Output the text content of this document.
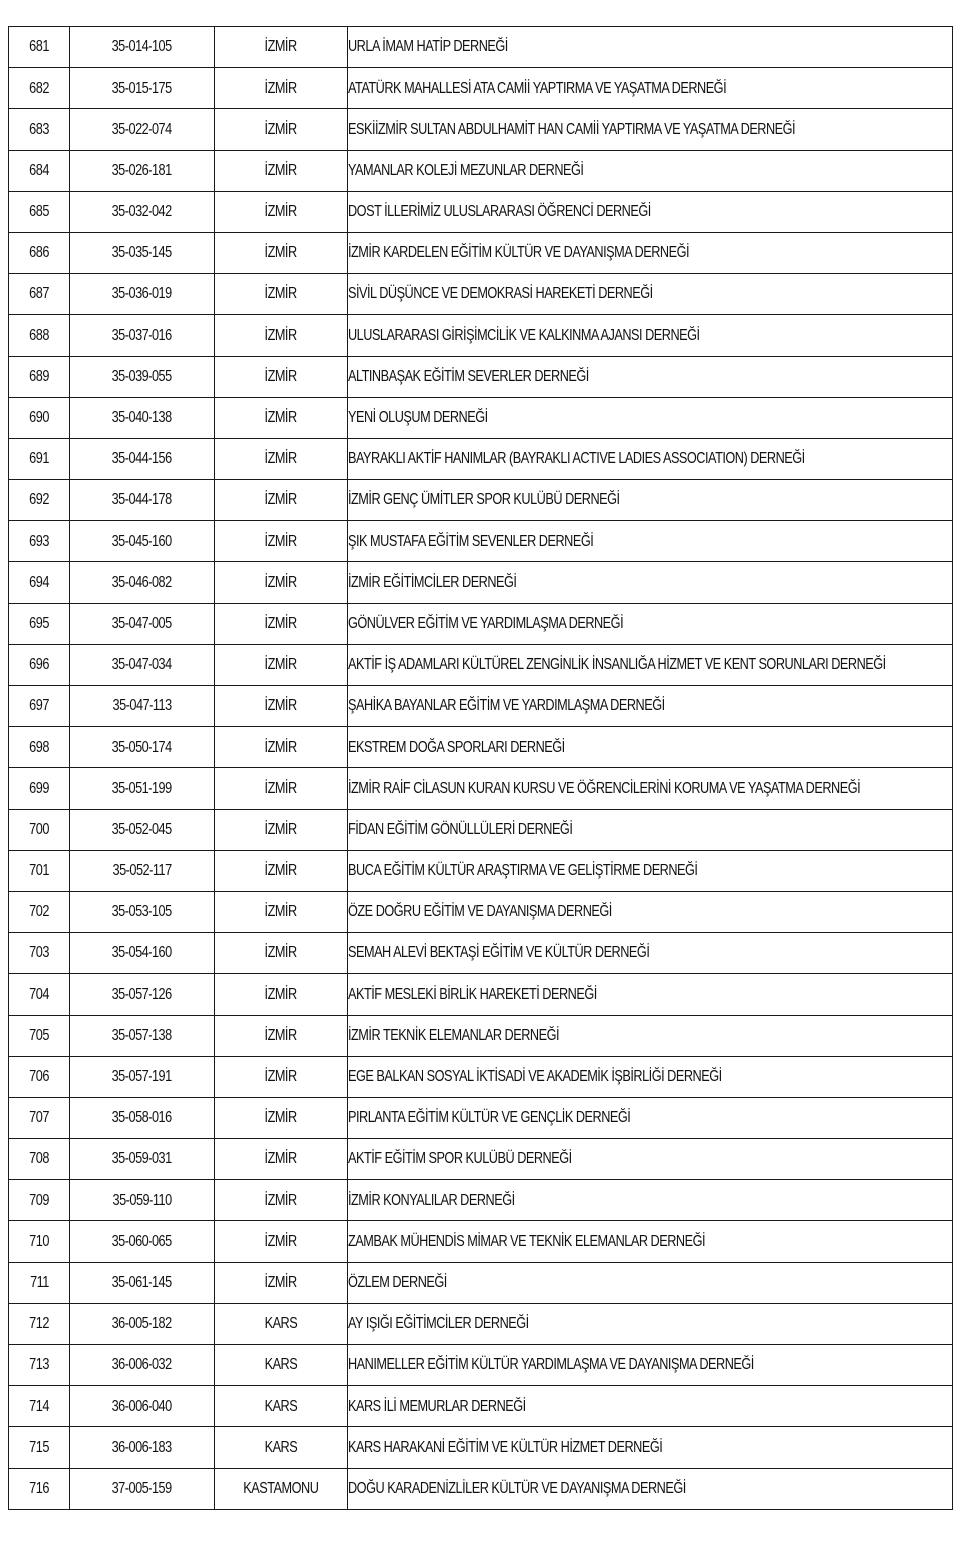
681	35-014-105	İZMİR	URLA İMAM HATİP DERNEĞİ
682	35-015-175	İZMİR	ATATÜRK MAHALLESİ ATA CAMİİ YAPTIRMA VE YAŞATMA DERNEĞİ
683	35-022-074	İZMİR	ESKİİZMİR SULTAN ABDULHAMİT HAN CAMİİ YAPTIRMA VE YAŞATMA DERNEĞİ
684	35-026-181	İZMİR	YAMANLAR KOLEJİ MEZUNLAR DERNEĞİ
685	35-032-042	İZMİR	DOST İLLERİMİZ ULUSLARARASI ÖĞRENCİ DERNEĞİ
686	35-035-145	İZMİR	İZMİR KARDELEN EĞİTİM KÜLTÜR VE DAYANIŞMA DERNEĞİ
687	35-036-019	İZMİR	SİVİL DÜŞÜNCE VE DEMOKRASİ HAREKETİ DERNEĞİ
688	35-037-016	İZMİR	ULUSLARARASI GİRİŞİMCİLİK VE KALKINMA AJANSI DERNEĞİ
689	35-039-055	İZMİR	ALTINBAŞAK EĞİTİM SEVERLER DERNEĞİ
690	35-040-138	İZMİR	YENİ OLUŞUM DERNEĞİ
691	35-044-156	İZMİR	BAYRAKLI AKTİF HANIMLAR (BAYRAKLI ACTIVE LADIES ASSOCIATION) DERNEĞİ
692	35-044-178	İZMİR	İZMİR GENÇ ÜMİTLER SPOR KULÜBÜ DERNEĞİ
693	35-045-160	İZMİR	ŞIK MUSTAFA EĞİTİM SEVENLER DERNEĞİ
694	35-046-082	İZMİR	İZMİR EĞİTİMCİLER DERNEĞİ
695	35-047-005	İZMİR	GÖNÜLVER EĞİTİM VE YARDIMLAŞMA DERNEĞİ
696	35-047-034	İZMİR	AKTİF İŞ ADAMLARI KÜLTÜREL ZENGİNLİK İNSANLIĞA HİZMET VE KENT SORUNLARI DERNEĞİ
697	35-047-113	İZMİR	ŞAHİKA BAYANLAR EĞİTİM VE YARDIMLAŞMA DERNEĞİ
698	35-050-174	İZMİR	EKSTREM DOĞA SPORLARI DERNEĞİ
699	35-051-199	İZMİR	İZMİR RAİF CİLASUN KURAN KURSU VE ÖĞRENCİLERİNİ KORUMA VE YAŞATMA DERNEĞİ
700	35-052-045	İZMİR	FİDAN EĞİTİM GÖNÜLLÜLERİ DERNEĞİ
701	35-052-117	İZMİR	BUCA EĞİTİM KÜLTÜR ARAŞTIRMA VE GELİŞTİRME DERNEĞİ
702	35-053-105	İZMİR	ÖZE DOĞRU EĞİTİM VE DAYANIŞMA DERNEĞİ
703	35-054-160	İZMİR	SEMAH ALEVİ BEKTAŞİ EĞİTİM VE KÜLTÜR DERNEĞİ
704	35-057-126	İZMİR	AKTİF MESLEKİ BİRLİK HAREKETİ DERNEĞİ
705	35-057-138	İZMİR	İZMİR TEKNİK ELEMANLAR DERNEĞİ
706	35-057-191	İZMİR	EGE BALKAN SOSYAL İKTİSADİ VE AKADEMİK İŞBİRLİĞİ DERNEĞİ
707	35-058-016	İZMİR	PIRLANTA EĞİTİM KÜLTÜR VE GENÇLİK DERNEĞİ
708	35-059-031	İZMİR	AKTİF EĞİTİM SPOR KULÜBÜ DERNEĞİ
709	35-059-110	İZMİR	İZMİR KONYALILAR DERNEĞİ
710	35-060-065	İZMİR	ZAMBAK MÜHENDİS MİMAR VE TEKNİK ELEMANLAR DERNEĞİ
711	35-061-145	İZMİR	ÖZLEM DERNEĞİ
712	36-005-182	KARS	AY IŞIĞI EĞİTİMCİLER DERNEĞİ
713	36-006-032	KARS	HANIMELLER EĞİTİM KÜLTÜR YARDIMLAŞMA VE DAYANIŞMA DERNEĞİ
714	36-006-040	KARS	KARS İLİ MEMURLAR DERNEĞİ
715	36-006-183	KARS	KARS HARAKANİ EĞİTİM VE KÜLTÜR HİZMET DERNEĞİ
716	37-005-159	KASTAMONU	DOĞU KARADENİZLİLER KÜLTÜR VE DAYANIŞMA DERNEĞİ
